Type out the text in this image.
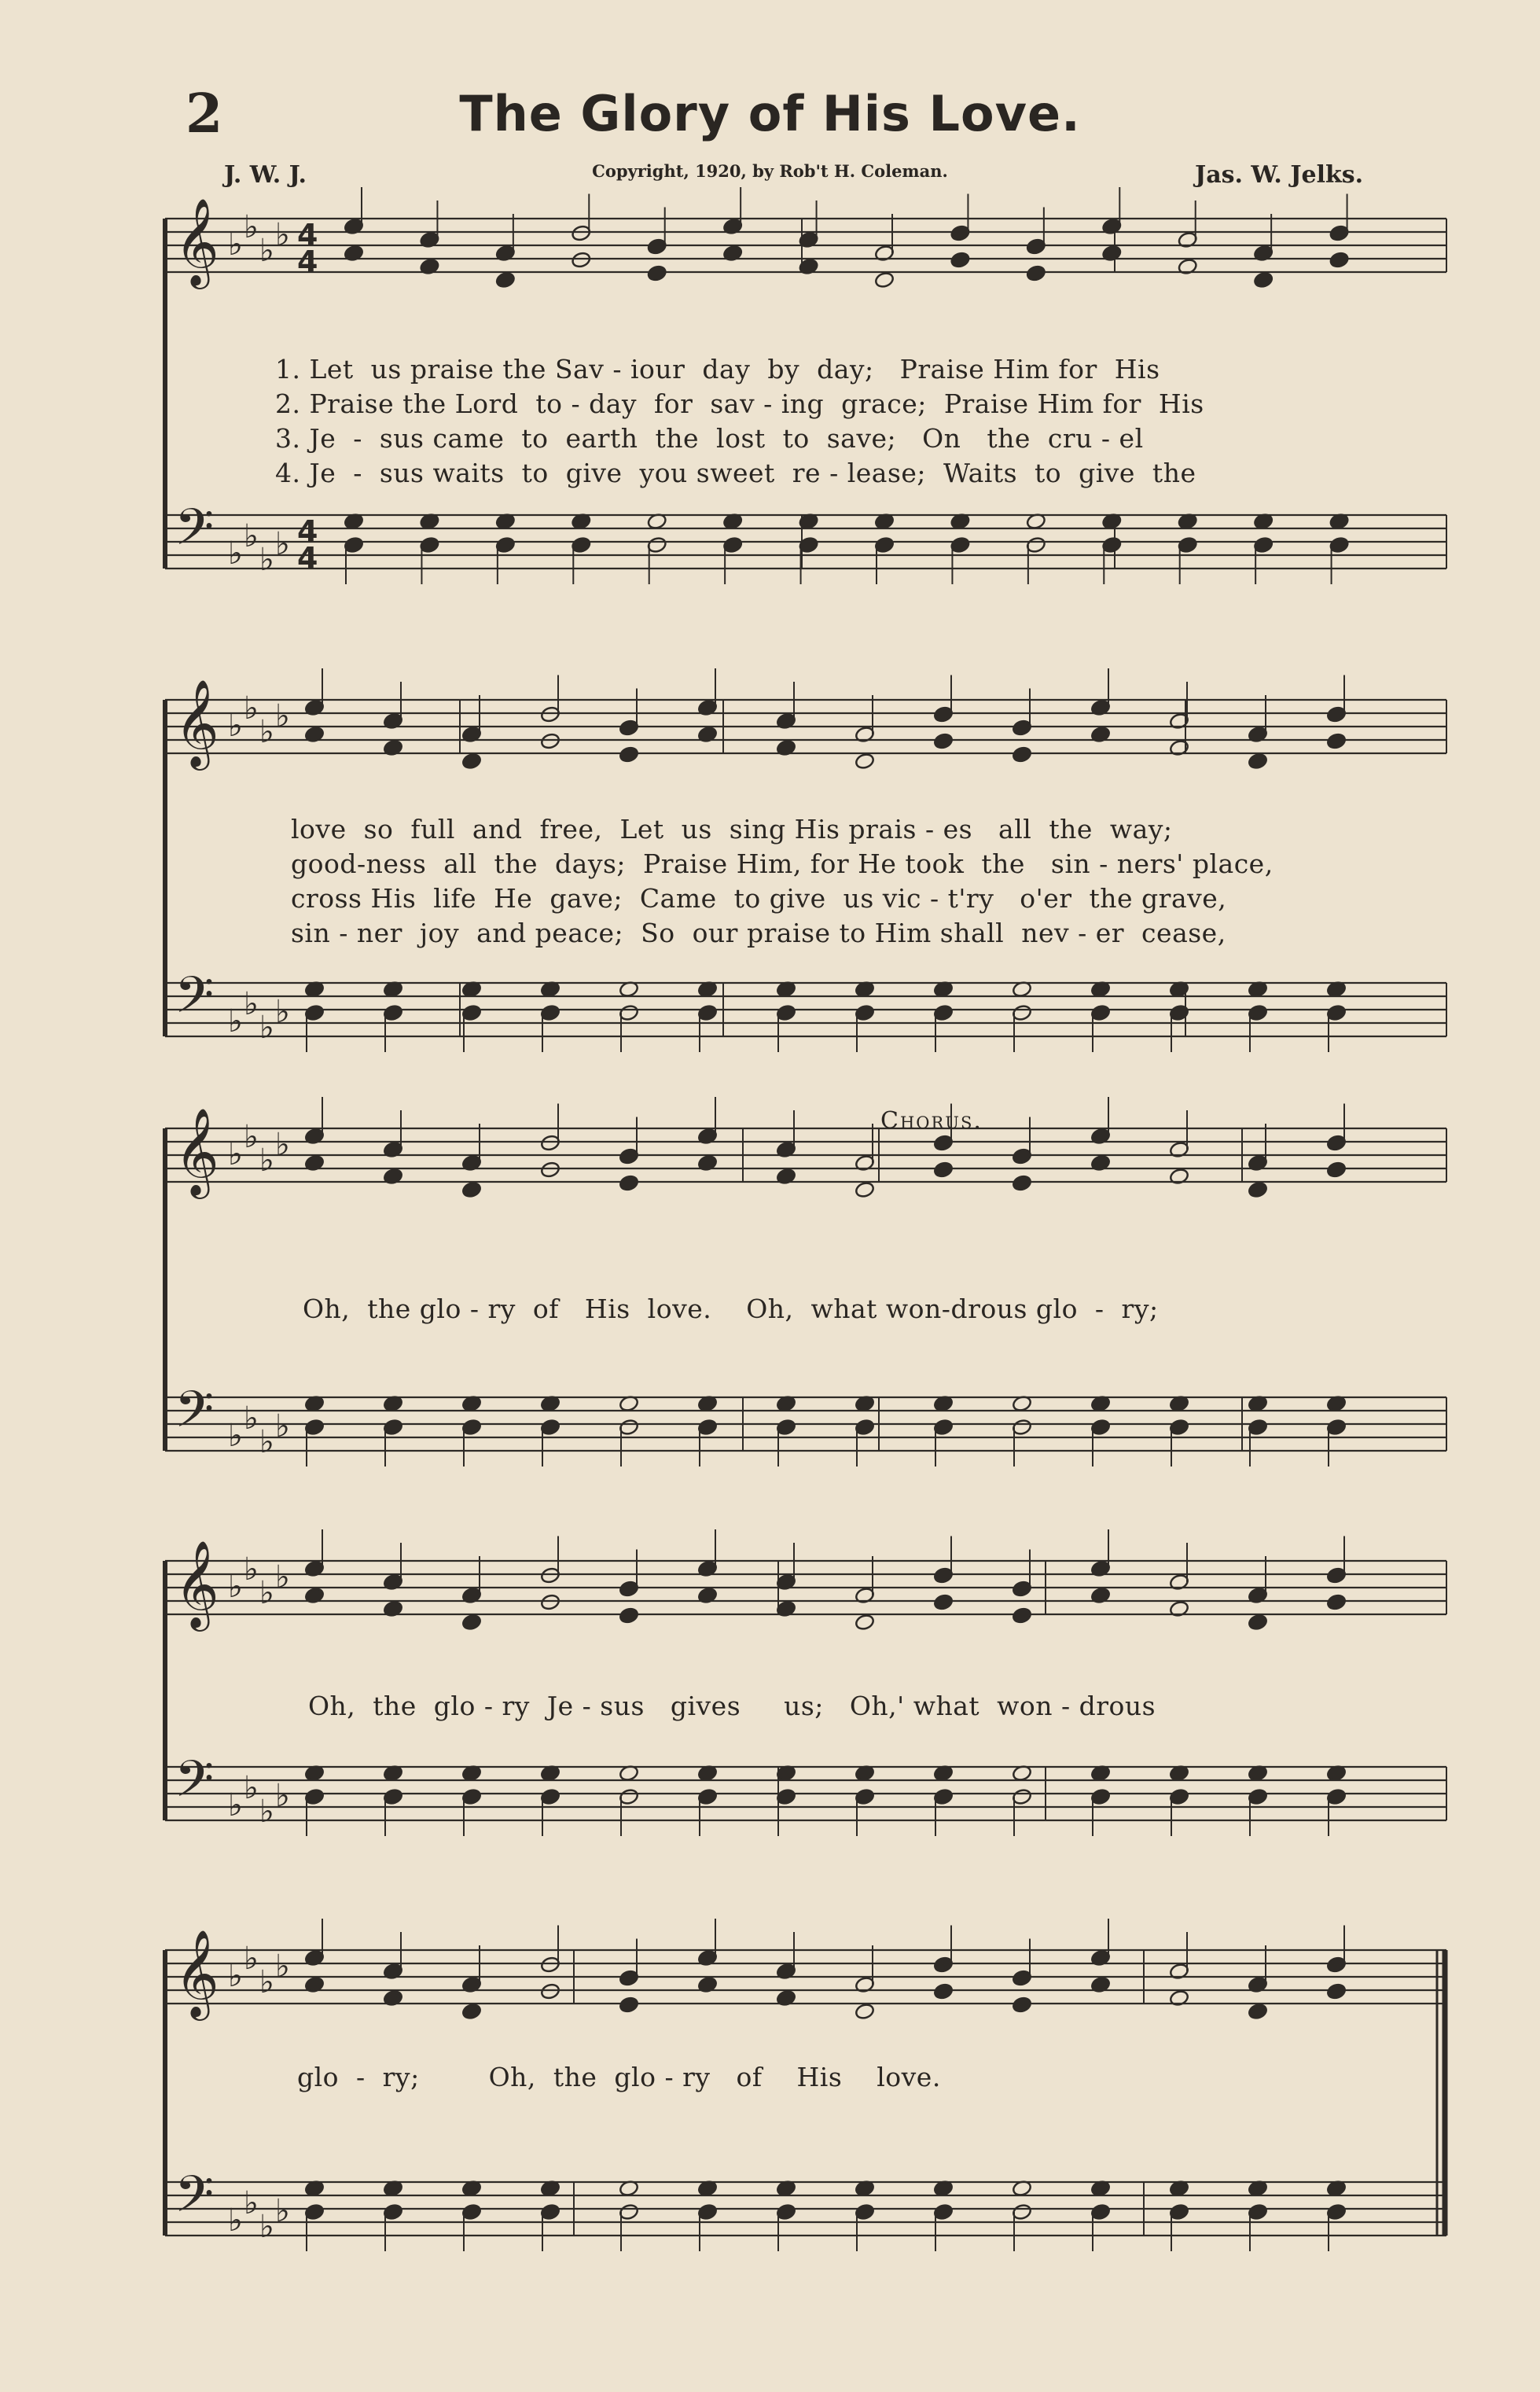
2	The Glory of His Love.
J. W. J.	Copyright, 1920, by Rob't H. Coleman.	Jas. W. Jelks.
𝄞
𝄢
♭
♭
♭
♭
♭
♭
♭
♭
4
4
4
4
𝄞
𝄢
♭
♭
♭
♭
♭
♭
♭
♭
𝄞
𝄢
♭
♭
♭
♭
♭
♭
♭
♭
𝄞
𝄢
♭
♭
♭
♭
♭
♭
♭
♭
𝄞
𝄢
♭
♭
♭
♭
♭
♭
♭
♭
1. Let  us praise the Sav - iour  day  by  day;   Praise Him for  His
2. Praise the Lord  to - day  for  sav - ing  grace;  Praise Him for  His
3. Je  -  sus came  to  earth  the  lost  to  save;   On   the  cru - el
4. Je  -  sus waits  to  give  you sweet  re - lease;  Waits  to  give  the
love  so  full  and  free,  Let  us  sing His prais - es   all  the  way;
good-ness  all  the  days;  Praise Him, for He took  the   sin - ners' place,
cross His  life  He  gave;  Came  to give  us vic - t'ry   o'er  the grave,
sin - ner  joy  and peace;  So  our praise to Him shall  nev - er  cease,
Chorus.
Oh,  the glo - ry  of   His  love.    Oh,  what won-drous glo  -  ry;
Oh,  the  glo - ry  Je - sus   gives     us;   Oh,' what  won - drous
glo  -  ry;        Oh,  the  glo - ry   of    His    love.
